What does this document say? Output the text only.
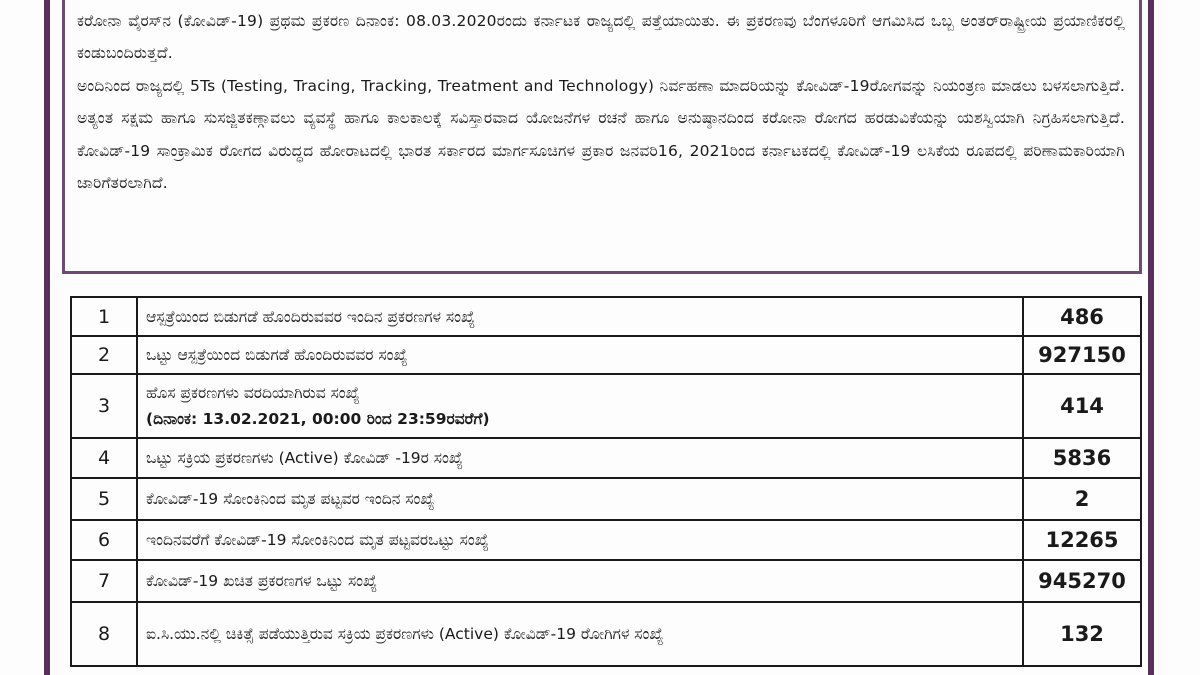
ಕರೋನಾ ವೈರಸ್‌ನ (ಕೋವಿಡ್-19) ಪ್ರಥಮ ಪ್ರಕರಣ ದಿನಾಂಕ: 08.03.2020ರಂದು ಕರ್ನಾಟಕ ರಾಜ್ಯದಲ್ಲಿ ಪತ್ತೆಯಾಯಿತು. ಈ ಪ್ರಕರಣವು ಬೆಂಗಳೂರಿಗೆ ಆಗಮಿಸಿದ ಒಬ್ಬ ಅಂತರ್‌ರಾಷ್ಟ್ರೀಯ ಪ್ರಯಾಣಿಕರಲ್ಲಿ ಕಂಡುಬಂದಿರುತ್ತದೆ.

ಅಂದಿನಿಂದ ರಾಜ್ಯದಲ್ಲಿ 5Ts (Testing, Tracing, Tracking, Treatment and Technology) ನಿರ್ವಹಣಾ ಮಾದರಿಯನ್ನು ಕೋವಿಡ್-19ರೋಗವನ್ನು ನಿಯಂತ್ರಣ ಮಾಡಲು ಬಳಸಲಾಗುತ್ತಿದೆ. ಅತ್ಯಂತ ಸಕ್ಷಮ ಹಾಗೂ ಸುಸಜ್ಜಿತಕಣ್ಗಾವಲು ವ್ಯವಸ್ಥೆ ಹಾಗೂ ಕಾಲಕಾಲಕ್ಕೆ ಸವಿಸ್ತಾರವಾದ ಯೋಜನೆಗಳ ರಚನೆ ಹಾಗೂ ಅನುಷ್ಠಾನದಿಂದ ಕರೋನಾ ರೋಗದ ಹರಡುವಿಕೆಯನ್ನು ಯಶಸ್ವಿಯಾಗಿ ನಿಗ್ರಹಿಸಲಾಗುತ್ತಿದೆ.

ಕೋವಿಡ್-19 ಸಾಂಕ್ರಾಮಿಕ ರೋಗದ ವಿರುದ್ಧದ ಹೋರಾಟದಲ್ಲಿ ಭಾರತ ಸರ್ಕಾರದ ಮಾರ್ಗಸೂಚಿಗಳ ಪ್ರಕಾರ ಜನವರಿ16, 2021ರಿಂದ ಕರ್ನಾಟಕದಲ್ಲಿ ಕೋವಿಡ್-19 ಲಸಿಕೆಯ ರೂಪದಲ್ಲಿ ಪರಿಣಾಮಕಾರಿಯಾಗಿ ಜಾರಿಗೆತರಲಾಗಿದೆ.

1	ಆಸ್ಪತ್ರೆಯಿಂದ ಬಿಡುಗಡೆ ಹೊಂದಿರುವವರ ಇಂದಿನ ಪ್ರಕರಣಗಳ ಸಂಖ್ಯೆ	486
2	ಒಟ್ಟು ಆಸ್ಪತ್ರೆಯಿಂದ ಬಿಡುಗಡೆ ಹೊಂದಿರುವವರ ಸಂಖ್ಯೆ	927150
3	ಹೊಸ ಪ್ರಕರಣಗಳು ವರದಿಯಾಗಿರುವ ಸಂಖ್ಯೆ
(ದಿನಾಂಕ: 13.02.2021, 00:00 ರಿಂದ 23:59ರವರೆಗೆ)	414
4	ಒಟ್ಟು ಸಕ್ರಿಯ ಪ್ರಕರಣಗಳು (Active) ಕೋವಿಡ್ -19ರ ಸಂಖ್ಯೆ	5836
5	ಕೋವಿಡ್-19 ಸೋಂಕಿನಿಂದ ಮೃತ ಪಟ್ಟವರ ಇಂದಿನ ಸಂಖ್ಯೆ	2
6	ಇಂದಿನವರೆಗೆ ಕೋವಿಡ್-19 ಸೋಂಕಿನಿಂದ ಮೃತ ಪಟ್ಟವರಒಟ್ಟು ಸಂಖ್ಯೆ	12265
7	ಕೋವಿಡ್-19 ಖಚಿತ ಪ್ರಕರಣಗಳ ಒಟ್ಟು ಸಂಖ್ಯೆ	945270
8	ಐ.ಸಿ.ಯು.ನಲ್ಲಿ ಚಿಕಿತ್ಸೆ ಪಡೆಯುತ್ತಿರುವ ಸಕ್ರಿಯ ಪ್ರಕರಣಗಳು (Active) ಕೋವಿಡ್-19 ರೋಗಿಗಳ ಸಂಖ್ಯೆ	132
